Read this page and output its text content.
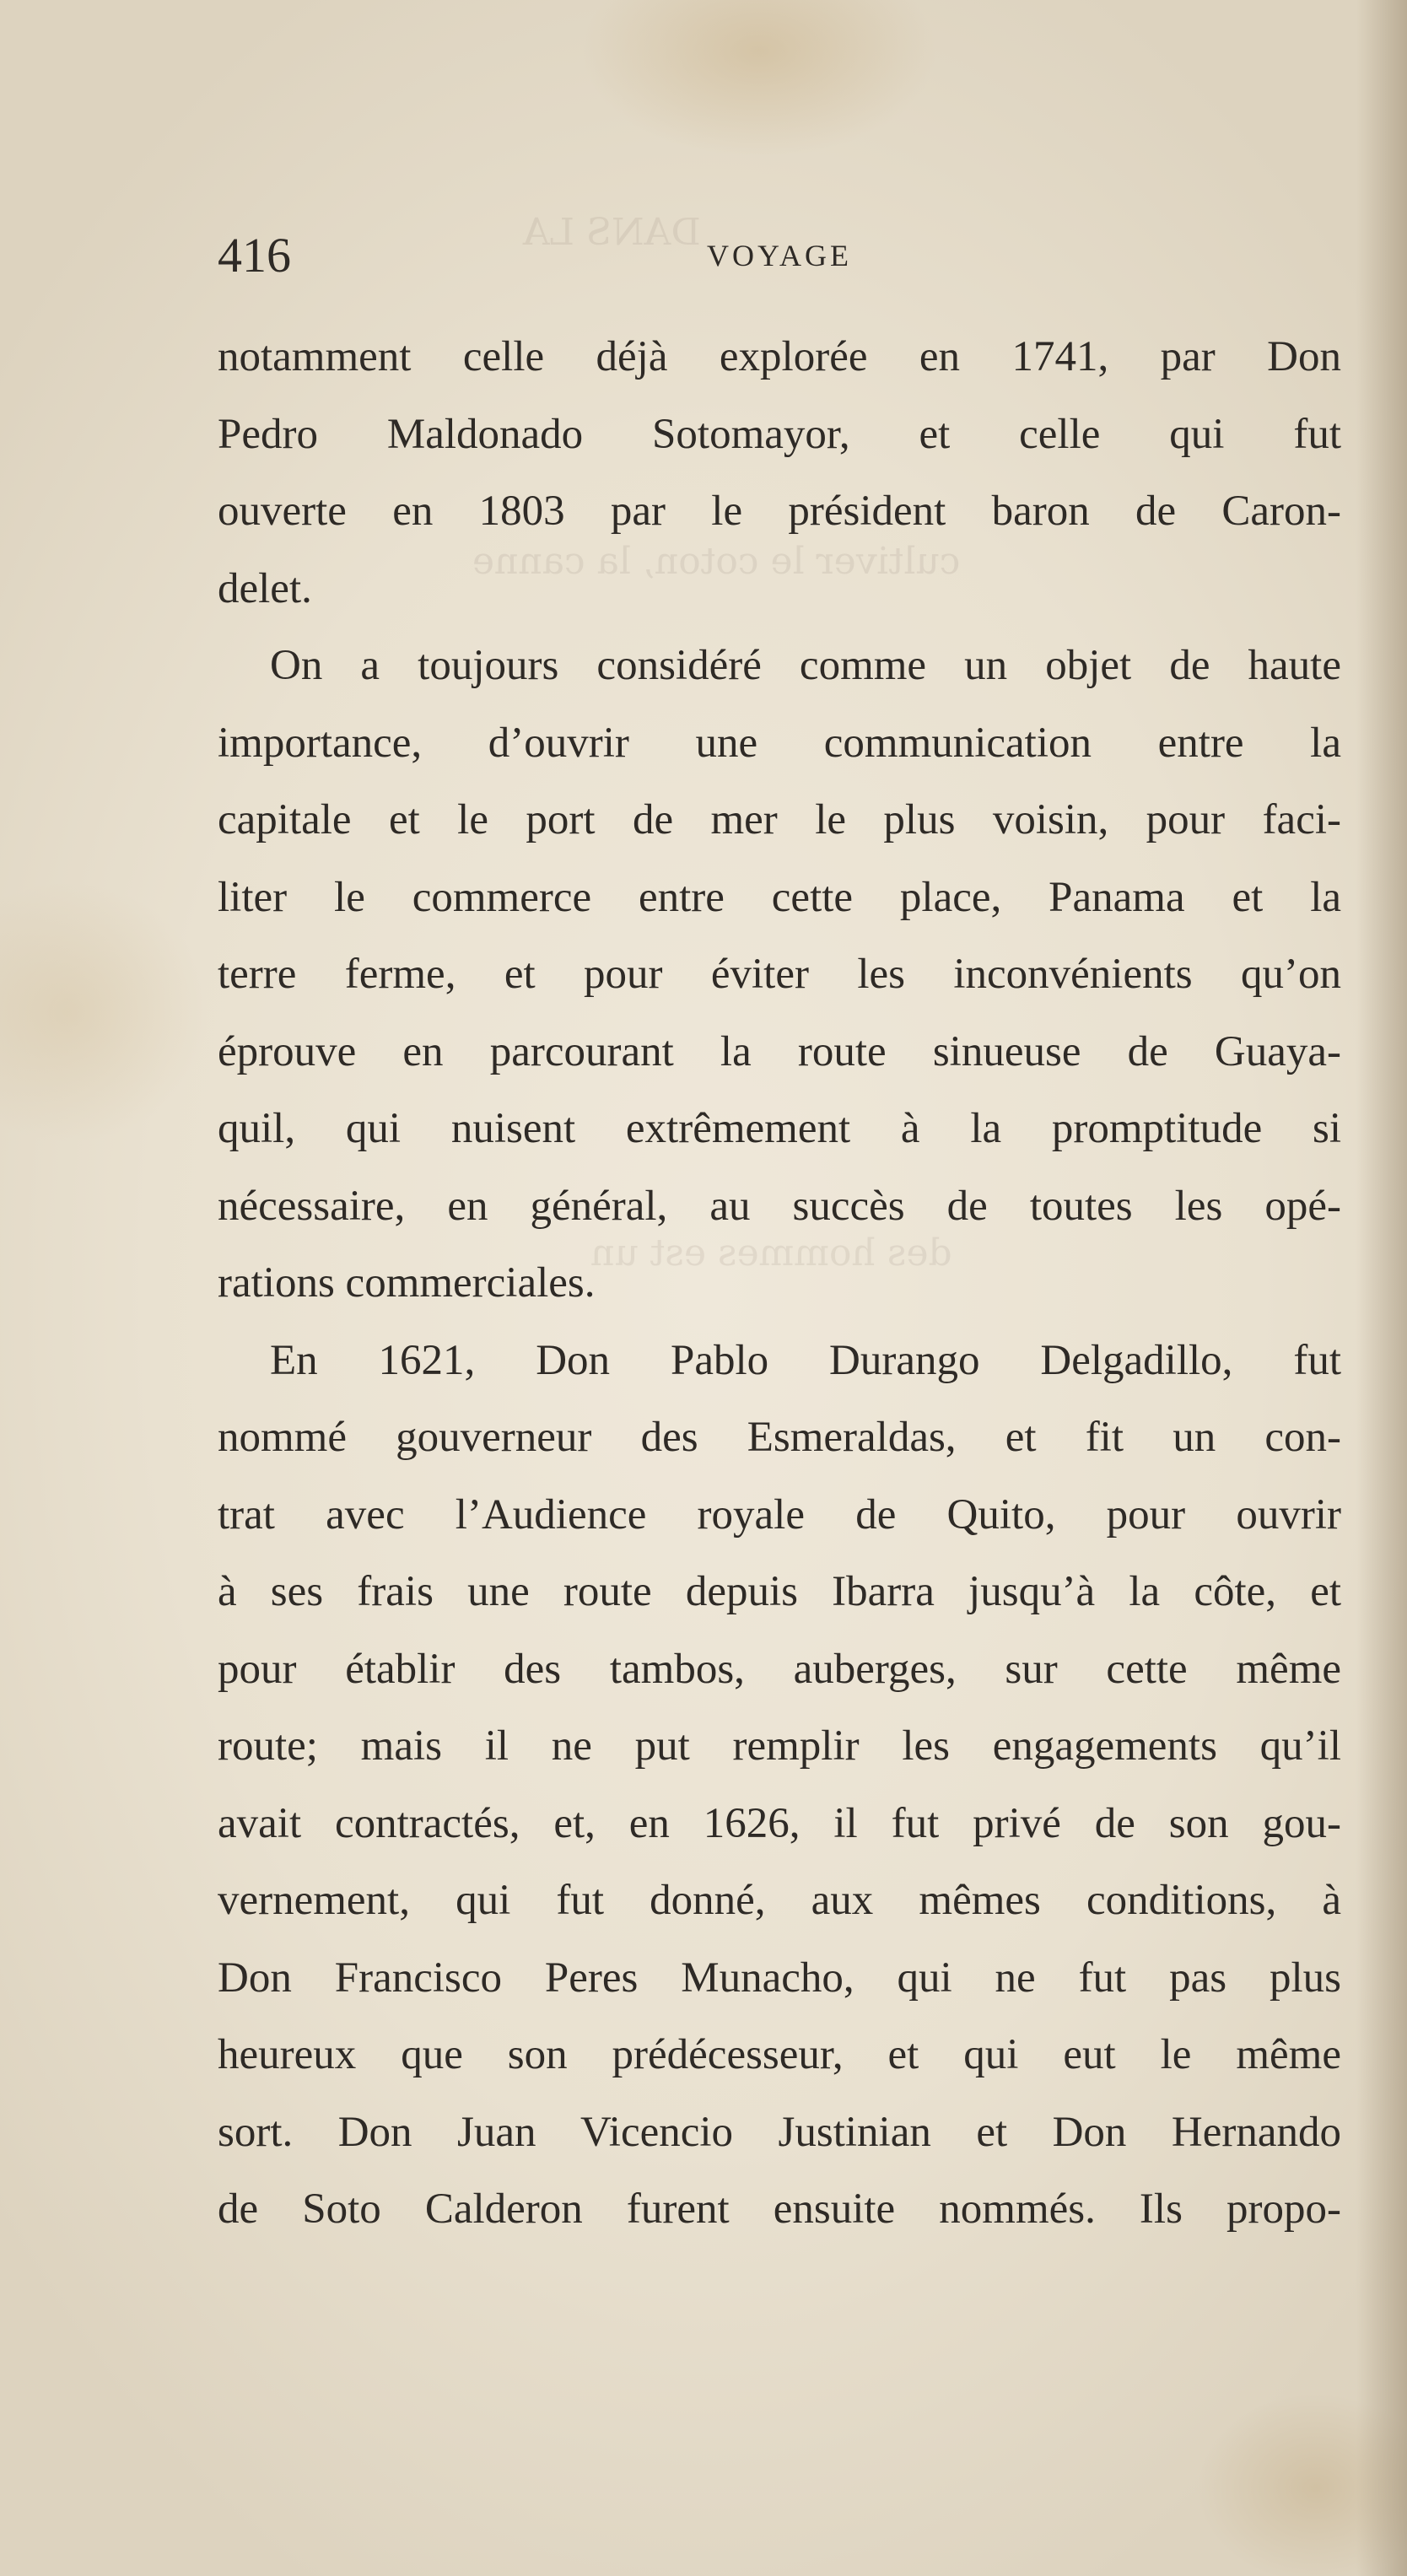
DANS LA
cultiver le coton, la canne
des hommes est un
416	VOYAGE
notamment celle déjà explorée en 1741, par Don
Pedro Maldonado Sotomayor, et celle qui fut
ouverte en 1803 par le président baron de Caron-
delet.
On a toujours considéré comme un objet de haute
importance, d’ouvrir une communication entre la
capitale et le port de mer le plus voisin, pour faci-
liter le commerce entre cette place, Panama et la
terre ferme, et pour éviter les inconvénients qu’on
éprouve en parcourant la route sinueuse de Guaya-
quil, qui nuisent extrêmement à la promptitude si
nécessaire, en général, au succès de toutes les opé-
rations commerciales.
En 1621, Don Pablo Durango Delgadillo, fut
nommé gouverneur des Esmeraldas, et fit un con-
trat avec l’Audience royale de Quito, pour ouvrir
à ses frais une route depuis Ibarra jusqu’à la côte, et
pour établir des tambos, auberges, sur cette même
route; mais il ne put remplir les engagements qu’il
avait contractés, et, en 1626, il fut privé de son gou-
vernement, qui fut donné, aux mêmes conditions, à
Don Francisco Peres Munacho, qui ne fut pas plus
heureux que son prédécesseur, et qui eut le même
sort. Don Juan Vicencio Justinian et Don Hernando
de Soto Calderon furent ensuite nommés. Ils propo-
